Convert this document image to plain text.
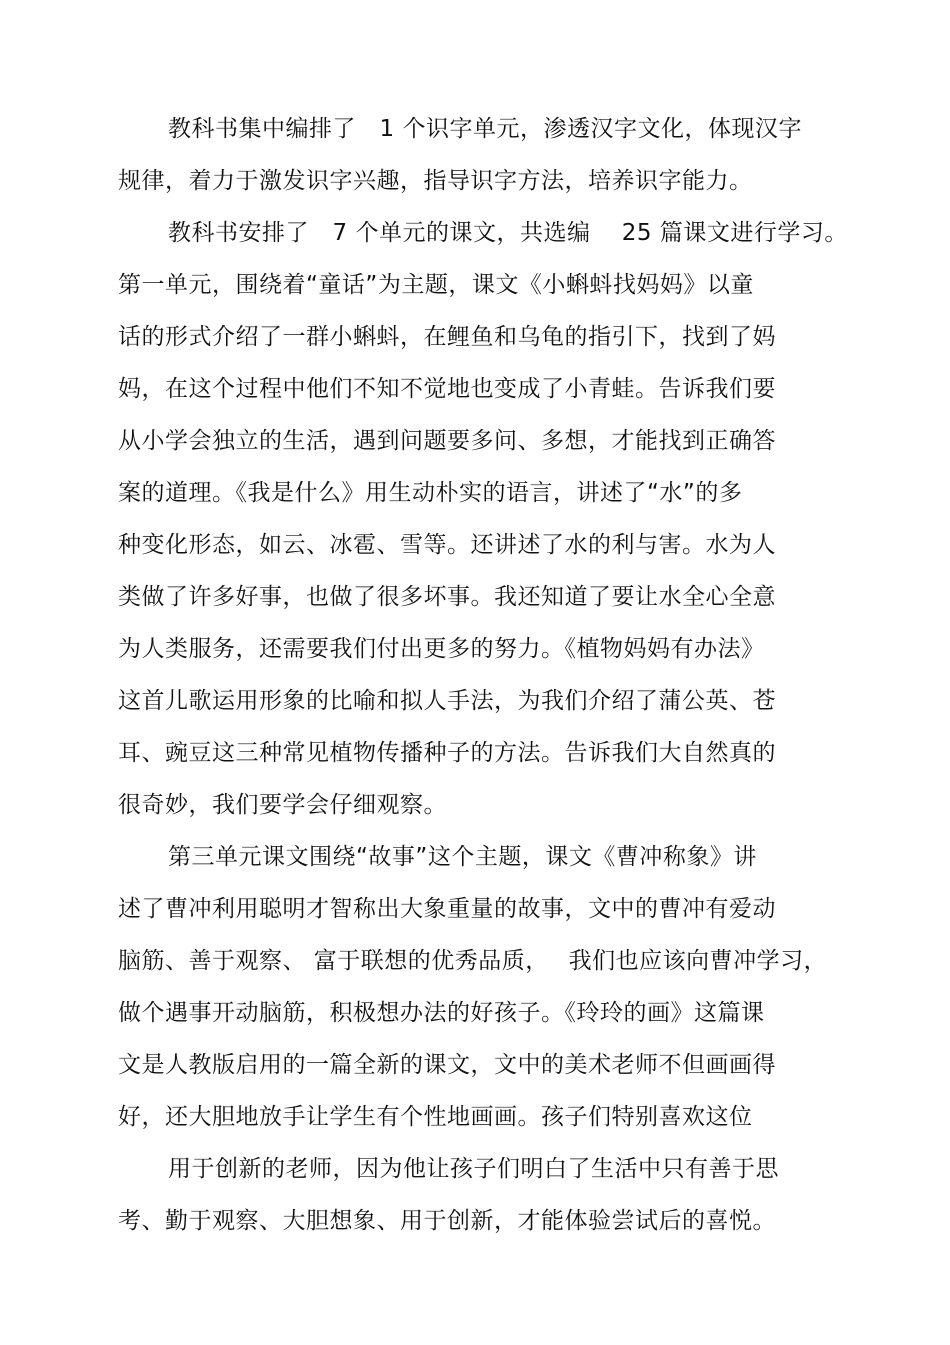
教科书集中编排了　1 个识字单元，渗透汉字文化，体现汉字
规律，着力于激发识字兴趣，指导识字方法，培养识字能力。
教科书安排了　7 个单元的课文，共选编　 25 篇课文进行学习。
第一单元，围绕着“童话”为主题，课文《小蝌蚪找妈妈》以童
话的形式介绍了一群小蝌蚪，在鲤鱼和乌龟的指引下，找到了妈
妈，在这个过程中他们不知不觉地也变成了小青蛙。告诉我们要
从小学会独立的生活，遇到问题要多问、多想，才能找到正确答
案的道理。《我是什么》用生动朴实的语言，讲述了“水”的多
种变化形态，如云、冰雹、雪等。还讲述了水的利与害。水为人
类做了许多好事，也做了很多坏事。我还知道了要让水全心全意
为人类服务，还需要我们付出更多的努力。《植物妈妈有办法》
这首儿歌运用形象的比喻和拟人手法，为我们介绍了蒲公英、苍
耳、豌豆这三种常见植物传播种子的方法。告诉我们大自然真的
很奇妙，我们要学会仔细观察。
第三单元课文围绕“故事”这个主题，课文《曹冲称象》讲
述了曹冲利用聪明才智称出大象重量的故事，文中的曹冲有爱动
脑筋、善于观察、 富于联想的优秀品质，　 我们也应该向曹冲学习，
做个遇事开动脑筋，积极想办法的好孩子。《玲玲的画》这篇课
文是人教版启用的一篇全新的课文，文中的美术老师不但画画得
好，还大胆地放手让学生有个性地画画。孩子们特别喜欢这位
用于创新的老师，因为他让孩子们明白了生活中只有善于思
考、勤于观察、大胆想象、用于创新，才能体验尝试后的喜悦。
